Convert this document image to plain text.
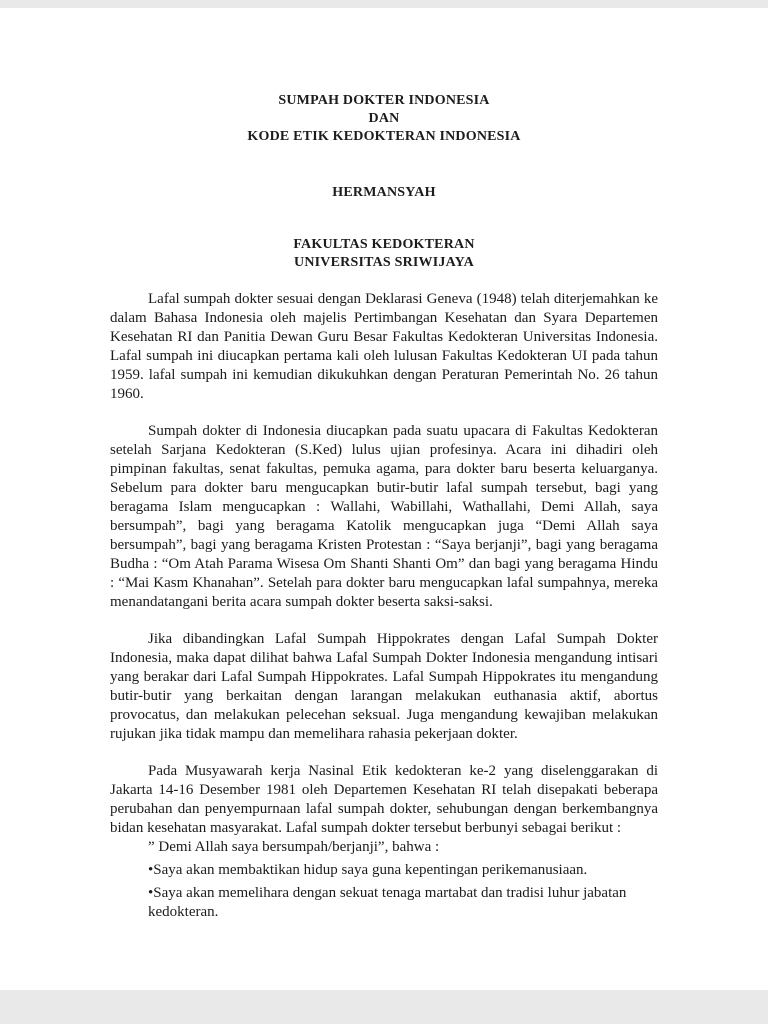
SUMPAH DOKTER INDONESIA
DAN
KODE ETIK KEDOKTERAN INDONESIA
HERMANSYAH
FAKULTAS KEDOKTERAN
UNIVERSITAS SRIWIJAYA

Lafal sumpah dokter sesuai dengan Deklarasi Geneva (1948) telah diterjemahkan ke dalam Bahasa Indonesia oleh majelis Pertimbangan Kesehatan dan Syara Departemen Kesehatan RI dan Panitia Dewan Guru Besar Fakultas Kedokteran Universitas Indonesia. Lafal sumpah ini diucapkan pertama kali oleh lulusan Fakultas Kedokteran UI pada tahun 1959. lafal sumpah ini kemudian dikukuhkan dengan Peraturan Pemerintah No. 26 tahun 1960.

Sumpah dokter di Indonesia diucapkan pada suatu upacara di Fakultas Kedokteran setelah Sarjana Kedokteran (S.Ked) lulus ujian profesinya. Acara ini dihadiri oleh pimpinan fakultas, senat fakultas, pemuka agama, para dokter baru beserta keluarganya. Sebelum para dokter baru mengucapkan butir-butir lafal sumpah tersebut, bagi yang beragama Islam mengucapkan : Wallahi, Wabillahi, Wathallahi, Demi Allah, saya bersumpah”, bagi yang beragama Katolik mengucapkan juga “Demi Allah saya bersumpah”, bagi yang beragama Kristen Protestan : “Saya berjanji”, bagi yang beragama Budha : “Om Atah Parama Wisesa Om Shanti Shanti Om” dan bagi yang beragama Hindu : “Mai Kasm Khanahan”. Setelah para dokter baru mengucapkan lafal sumpahnya, mereka menandatangani berita acara sumpah dokter beserta saksi-saksi.

Jika dibandingkan Lafal Sumpah Hippokrates dengan Lafal Sumpah Dokter Indonesia, maka dapat dilihat bahwa Lafal Sumpah Dokter Indonesia mengandung intisari yang berakar dari Lafal Sumpah Hippokrates. Lafal Sumpah Hippokrates itu mengandung butir-butir yang berkaitan dengan larangan melakukan euthanasia aktif, abortus provocatus, dan melakukan pelecehan seksual. Juga mengandung kewajiban melakukan rujukan jika tidak mampu dan memelihara rahasia pekerjaan dokter.

Pada Musyawarah kerja Nasinal Etik kedokteran ke-2 yang diselenggarakan di Jakarta 14-16 Desember 1981 oleh Departemen Kesehatan RI telah disepakati beberapa perubahan dan penyempurnaan lafal sumpah dokter, sehubungan dengan berkembangnya bidan kesehatan masyarakat. Lafal sumpah dokter tersebut berbunyi sebagai berikut :

” Demi Allah saya bersumpah/berjanji”, bahwa :
•Saya akan membaktikan hidup saya guna kepentingan perikemanusiaan.
•Saya akan memelihara dengan sekuat tenaga martabat dan tradisi luhur jabatan kedokteran.
